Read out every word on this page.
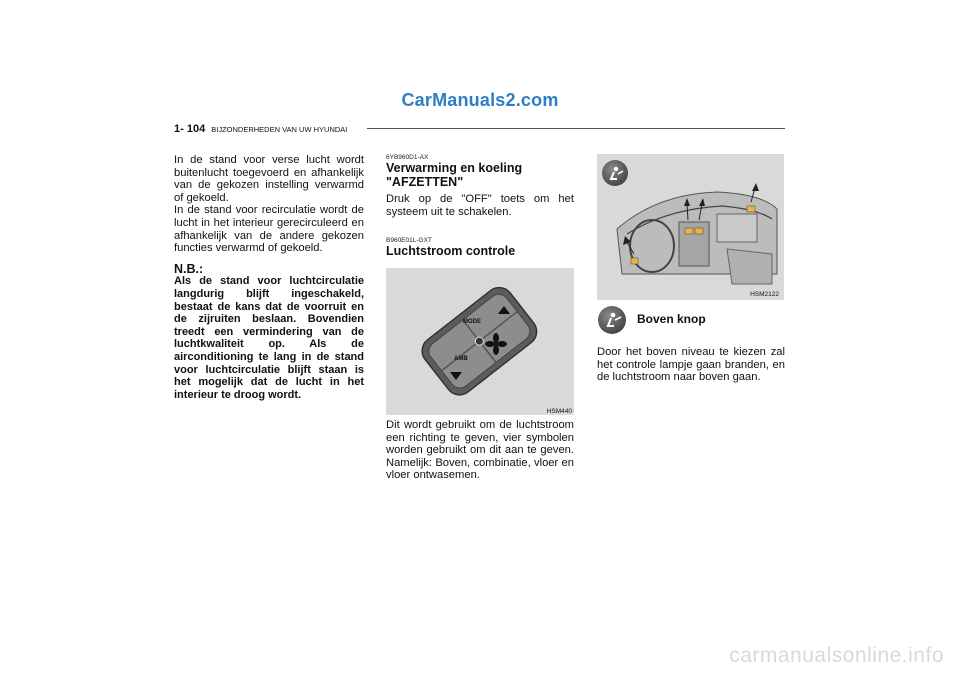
CarManuals2.com
1- 104 BIJZONDERHEDEN VAN UW HYUNDAI

In de stand voor verse lucht wordt buitenlucht toegevoerd en afhankelijk van de gekozen instelling verwarmd of gekoeld.

In de stand voor recirculatie wordt de lucht in het interieur gerecirculeerd en afhankelijk van de andere gekozen functies verwarmd of gekoeld.

N.B.:
Als de stand voor luchtcirculatie langdurig blijft ingeschakeld, bestaat de kans dat de voorruit en de zijruiten beslaan. Bovendien treedt een vermindering van de luchtkwaliteit op. Als de airconditioning te lang in de stand voor luchtcirculatie blijft staan is het mogelijk dat de lucht in het interieur te droog wordt.
6YB960D1-AX
Verwarming en koeling "AFZETTEN"
Druk op de "OFF" toets om het systeem uit te schakelen.
B960E01L-GXT
Luchtstroom controle
MODE
AMB
HSM440
Dit wordt gebruikt om de luchtstroom een richting te geven, vier symbolen worden gebruikt om dit aan te geven. Namelijk: Boven, combinatie, vloer en vloer ontwasemen.
HSM2122
Boven knop
Door het boven niveau te kiezen zal het controle lampje gaan branden, en de luchtstroom naar boven gaan.
carmanualsonline.info
